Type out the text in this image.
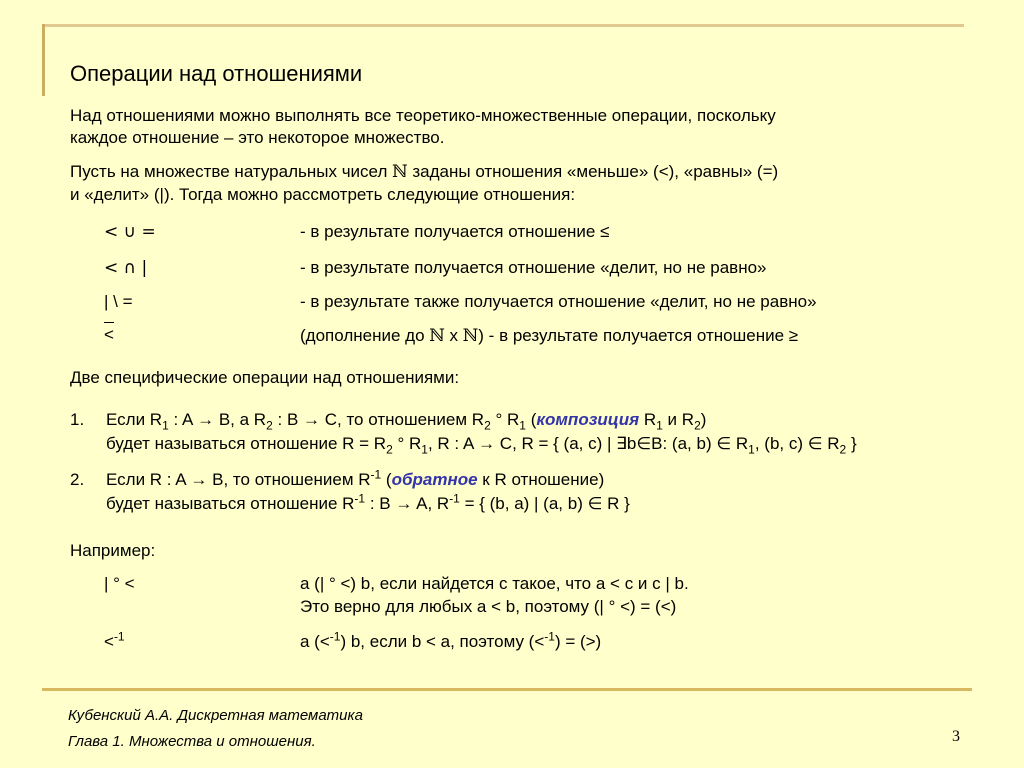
Операции над отношениями
Над отношениями можно выполнять все теоретико-множественные операции, поскольку
каждое отношение – это некоторое множество.
Пусть на множестве натуральных чисел ℕ заданы отношения «меньше» (<), «равны» (=)
и «делит» (|). Тогда можно рассмотреть следующие отношения:
< ∪ =	- в результате получается отношение ≤
< ∩ |	- в результате получается отношение «делит, но не равно»
| \ =	- в результате также получается отношение «делит, но не равно»
<	(дополнение до ℕ x ℕ) - в результате получается отношение ≥
Две специфические операции над отношениями:
1. Если $R_1$ : A → B, а $R_2$ : B → C, то отношением $R_2$ ° $R_1$ (композиция $R_1$ и $R_2$)
будет называться отношение $R = R_2$ ° $R_1$, R : A → C, R = { (a, c) | ∃b∈B: (a, b) ∈ $R_1$, (b, c) ∈ $R_2$ }
2. Если R : A → B, то отношением $R^{-1}$ (обратное к R отношение)
будет называться отношение $R^{-1}$ : B → A, $R^{-1}$ = { (b, a) | (a, b) ∈ R }
Например:
| ° <	a (| ° <) b, если найдется c такое, что a < c и c | b.
Это верно для любых a < b, поэтому (| ° <) = (<)
<$^{-1}$	a (<$^{-1}$) b, если b < a, поэтому (<$^{-1}$) = (>)
Кубенский А.А. Дискретная математика
Глава 1. Множества и отношения.	3
